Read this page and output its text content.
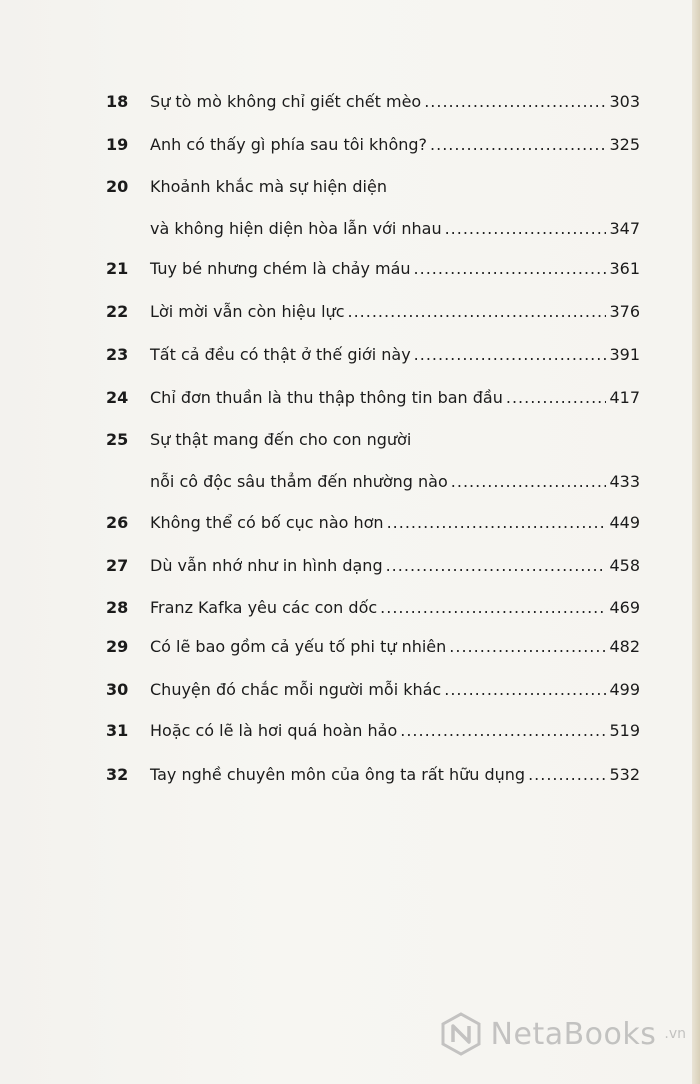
18	Sự tò mò không chỉ giết chết mèo .....	303
19	Anh có thấy gì phía sau tôi không? .....	325
20	Khoảnh khắc mà sự hiện diện
và không hiện diện hòa lẫn với nhau .....	347
21	Tuy bé nhưng chém là chảy máu .....	361
22	Lời mời vẫn còn hiệu lực .....	376
23	Tất cả đều có thật ở thế giới này .....	391
24	Chỉ đơn thuần là thu thập thông tin ban đầu .....	417
25	Sự thật mang đến cho con người
nỗi cô độc sâu thẳm đến nhường nào .....	433
26	Không thể có bố cục nào hơn .....	449
27	Dù vẫn nhớ như in hình dạng .....	458
28	Franz Kafka yêu các con dốc .....	469
29	Có lẽ bao gồm cả yếu tố phi tự nhiên .....	482
30	Chuyện đó chắc mỗi người mỗi khác .....	499
31	Hoặc có lẽ là hơi quá hoàn hảo .....	519
32	Tay nghề chuyên môn của ông ta rất hữu dụng .....	532
NetaBooks .vn
